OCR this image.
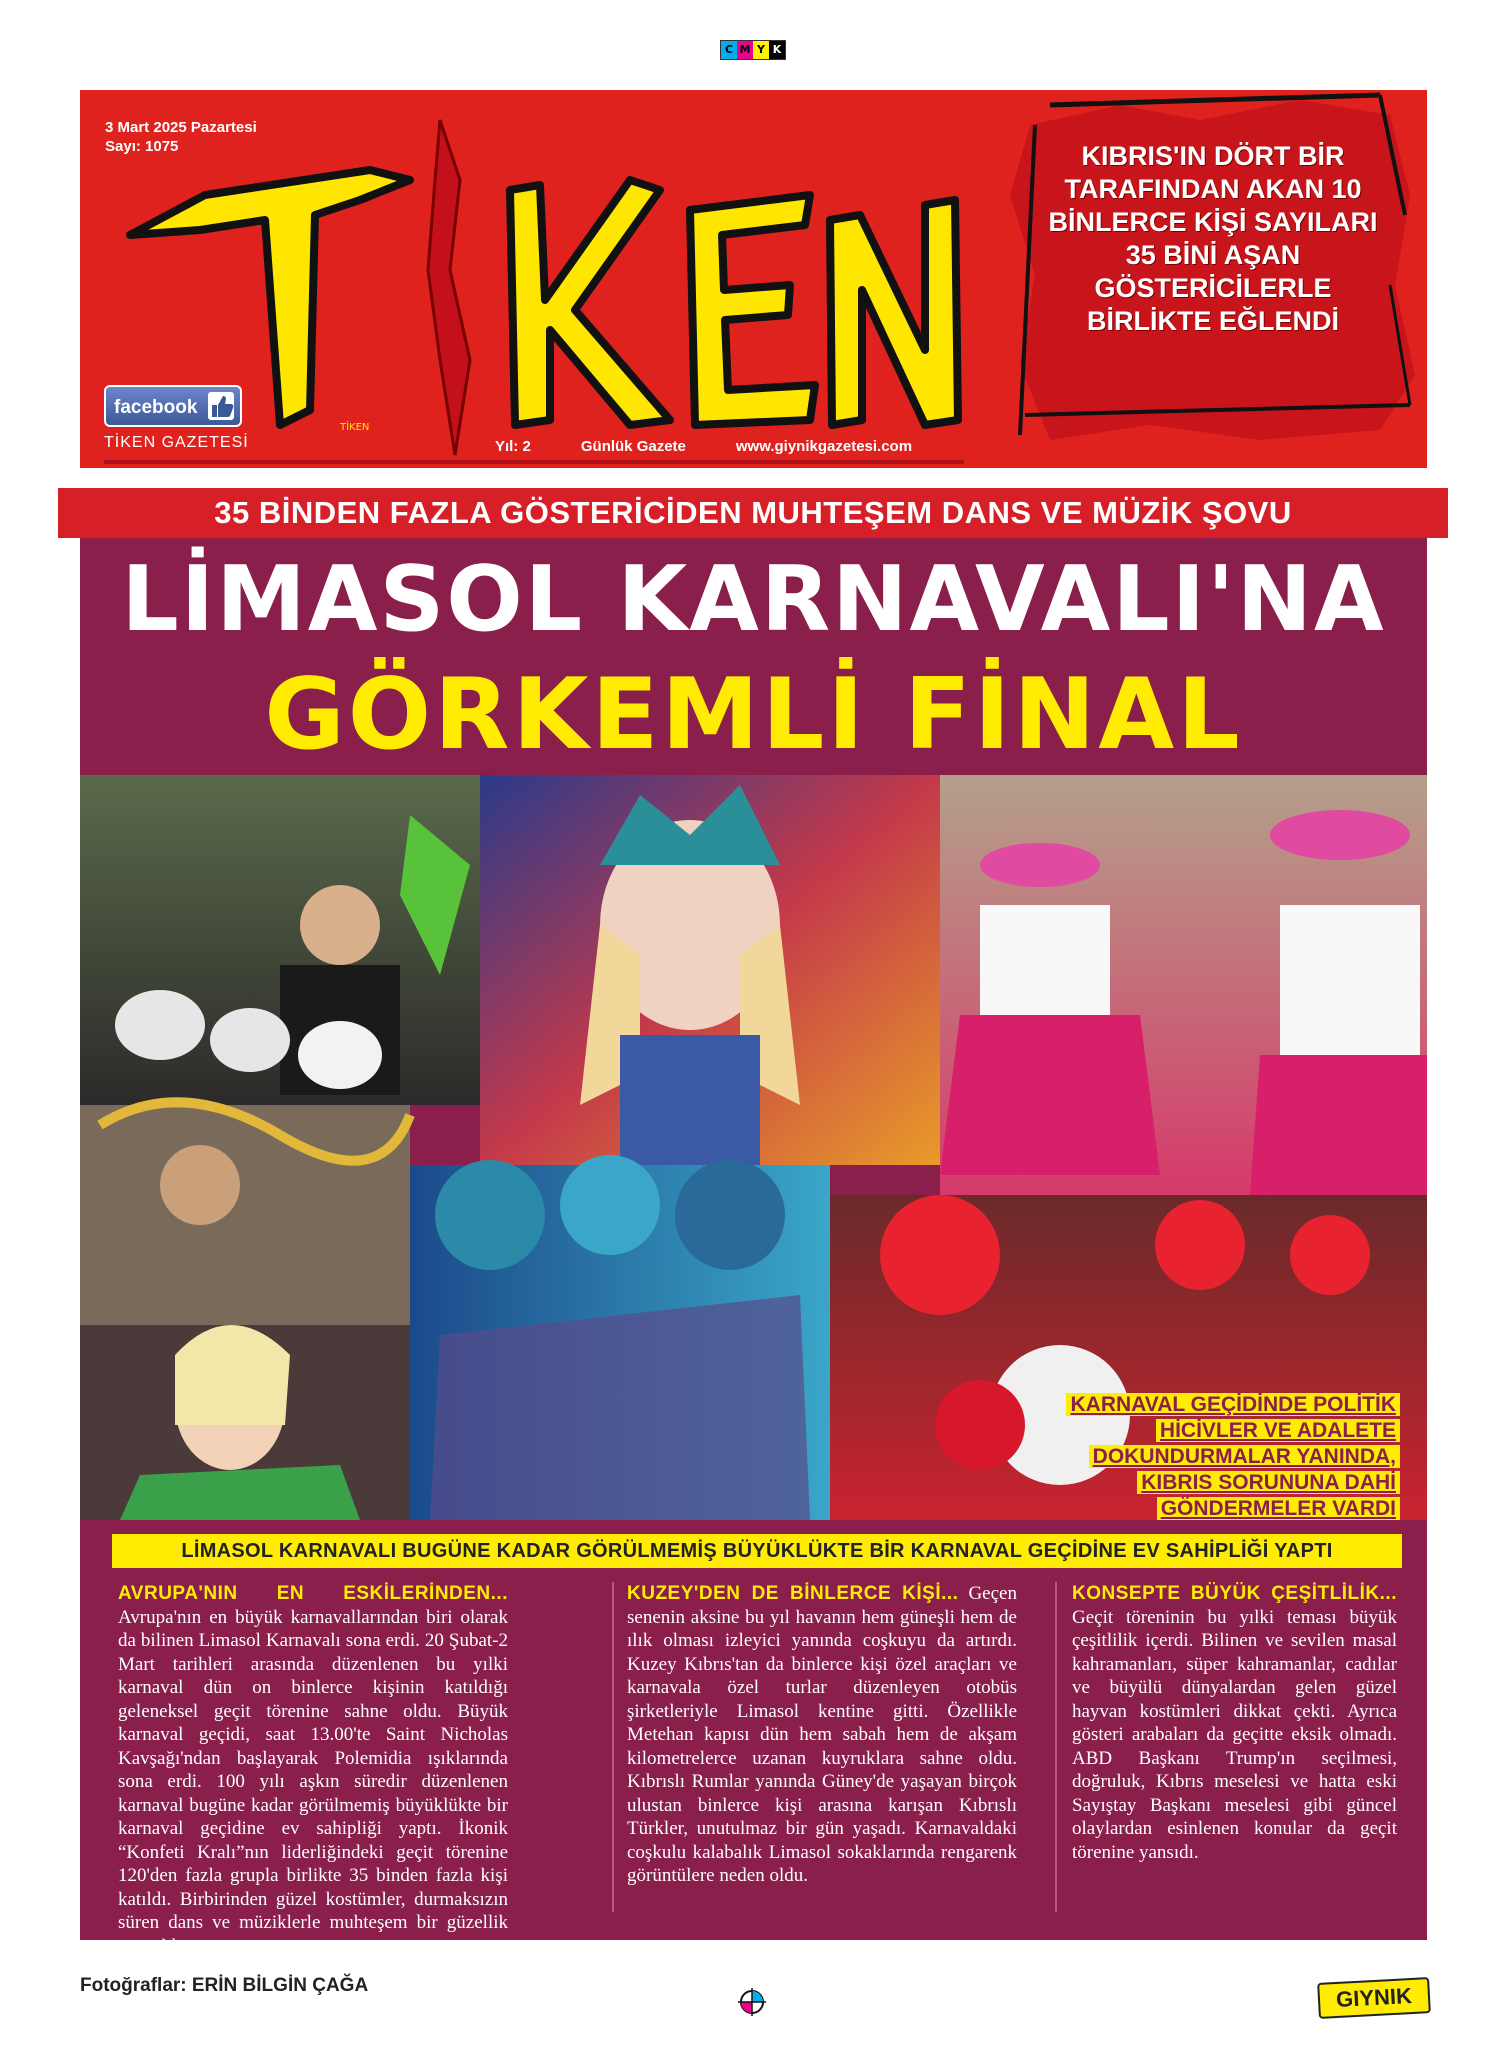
C M Y K
TİKEN
3 Mart 2025 Pazartesi
Sayı: 1075
facebook
TİKEN GAZETESİ	Yıl: 2	Günlük Gazete	www.giynikgazetesi.com
KIBRIS'IN DÖRT BİR TARAFINDAN AKAN 10 BİNLERCE KİŞİ SAYILARI 35 BİNİ AŞAN GÖSTERİCİLERLE BİRLİKTE EĞLENDİ
35 BİNDEN FAZLA GÖSTERİCİDEN MUHTEŞEM DANS VE MÜZİK ŞOVU
LİMASOL KARNAVALI'NA
GÖRKEMLİ FİNAL
KARNAVAL GEÇİDİNDE POLİTİK HİCİVLER VE ADALETE DOKUNDURMALAR YANINDA, KIBRIS SORUNUNA DAHİ GÖNDERMELER VARDI
LİMASOL KARNAVALI BUGÜNE KADAR GÖRÜLMEMİŞ BÜYÜKLÜKTE BİR KARNAVAL GEÇİDİNE EV SAHİPLİĞİ YAPTI
AVRUPA'NIN EN ESKİLERİNDEN... Avrupa'nın en büyük karnavallarından biri olarak da bilinen Limasol Karnavalı sona erdi. 20 Şubat-2 Mart tarihleri arasında düzenlenen bu yılki karnaval dün on binlerce kişinin katıldığı geleneksel geçit törenine sahne oldu. Büyük karnaval geçidi, saat 13.00'te Saint Nicholas Kavşağı'ndan başlayarak Polemidia ışıklarında sona erdi. 100 yılı aşkın süredir düzenlenen karnaval bugüne kadar görülmemiş büyüklükte bir karnaval geçidine ev sahipliği yaptı. İkonik “Konfeti Kralı”nın liderliğindeki geçit törenine 120'den fazla grupla birlikte 35 binden fazla kişi katıldı. Birbirinden güzel kostümler, durmaksızın süren dans ve müziklerle muhteşem bir güzellik yaratıldı.
KUZEY'DEN DE BİNLERCE KİŞİ... Geçen senenin aksine bu yıl havanın hem güneşli hem de ılık olması izleyici yanında coşkuyu da artırdı. Kuzey Kıbrıs'tan da binlerce kişi özel araçları ve karnavala özel turlar düzenleyen otobüs şirketleriyle Limasol kentine gitti. Özellikle Metehan kapısı dün hem sabah hem de akşam kilometrelerce uzanan kuyruklara sahne oldu. Kıbrıslı Rumlar yanında Güney'de yaşayan birçok ulustan binlerce kişi arasına karışan Kıbrıslı Türkler, unutulmaz bir gün yaşadı. Karnavaldaki coşkulu kalabalık Limasol sokaklarında rengarenk görüntülere neden oldu.
KONSEPTE BÜYÜK ÇEŞİTLİLİK... Geçit töreninin bu yılki teması büyük çeşitlilik içerdi. Bilinen ve sevilen masal kahramanları, süper kahramanlar, cadılar ve büyülü dünyalardan gelen güzel hayvan kostümleri dikkat çekti. Ayrıca gösteri arabaları da geçitte eksik olmadı. ABD Başkanı Trump'ın seçilmesi, doğruluk, Kıbrıs meselesi ve hatta eski Sayıştay Başkanı meselesi gibi güncel olaylardan esinlenen konular da geçit törenine yansıdı.
Fotoğraflar: ERİN BİLGİN ÇAĞA	GIYNIK
